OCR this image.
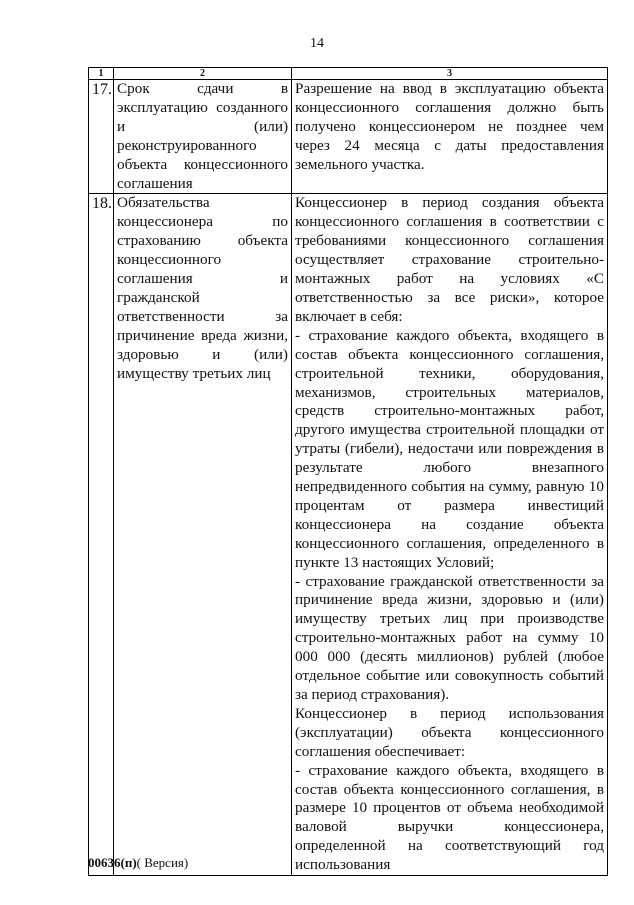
14
1	2	3
17.	Срок сдачи в эксплуатацию созданного и (или) реконструированного объекта концессионного соглашения	Разрешение на ввод в эксплуатацию объекта концессионного соглашения должно быть получено концессионером не позднее чем через 24 месяца с даты предоставления земельного участка.

18.	Обязательства концессионера по страхованию объекта концессионного соглашения и гражданской ответственности за причинение вреда жизни, здоровью и (или) имуществу третьих лиц	Концессионер в период создания объекта концессионного соглашения в соответствии с требованиями концессионного соглашения осуществляет страхование строительно-монтажных работ на условиях «С ответственностью за все риски», которое включает в себя:

- страхование каждого объекта, входящего в состав объекта концессионного соглашения, строительной техники, оборудования, механизмов, строительных материалов, средств строительно-монтажных работ, другого имущества строительной площадки от утраты (гибели), недостачи или повреждения в результате любого внезапного непредвиденного события на сумму, равную 10 процентам от размера инвестиций концессионера на создание объекта концессионного соглашения, определенного в пункте 13 настоящих Условий;

- страхование гражданской ответственности за причинение вреда жизни, здоровью и (или) имуществу третьих лиц при производстве строительно-монтажных работ на сумму 10 000 000 (десять миллионов) рублей (любое отдельное событие или совокупность событий за период страхования).

Концессионер в период использования (эксплуатации) объекта концессионного соглашения обеспечивает:

- страхование каждого объекта, входящего в состав объекта концессионного соглашения, в размере 10 процентов от объема необходимой валовой выручки концессионера, определенной на соответствующий год использования

00636(п)( Версия)
